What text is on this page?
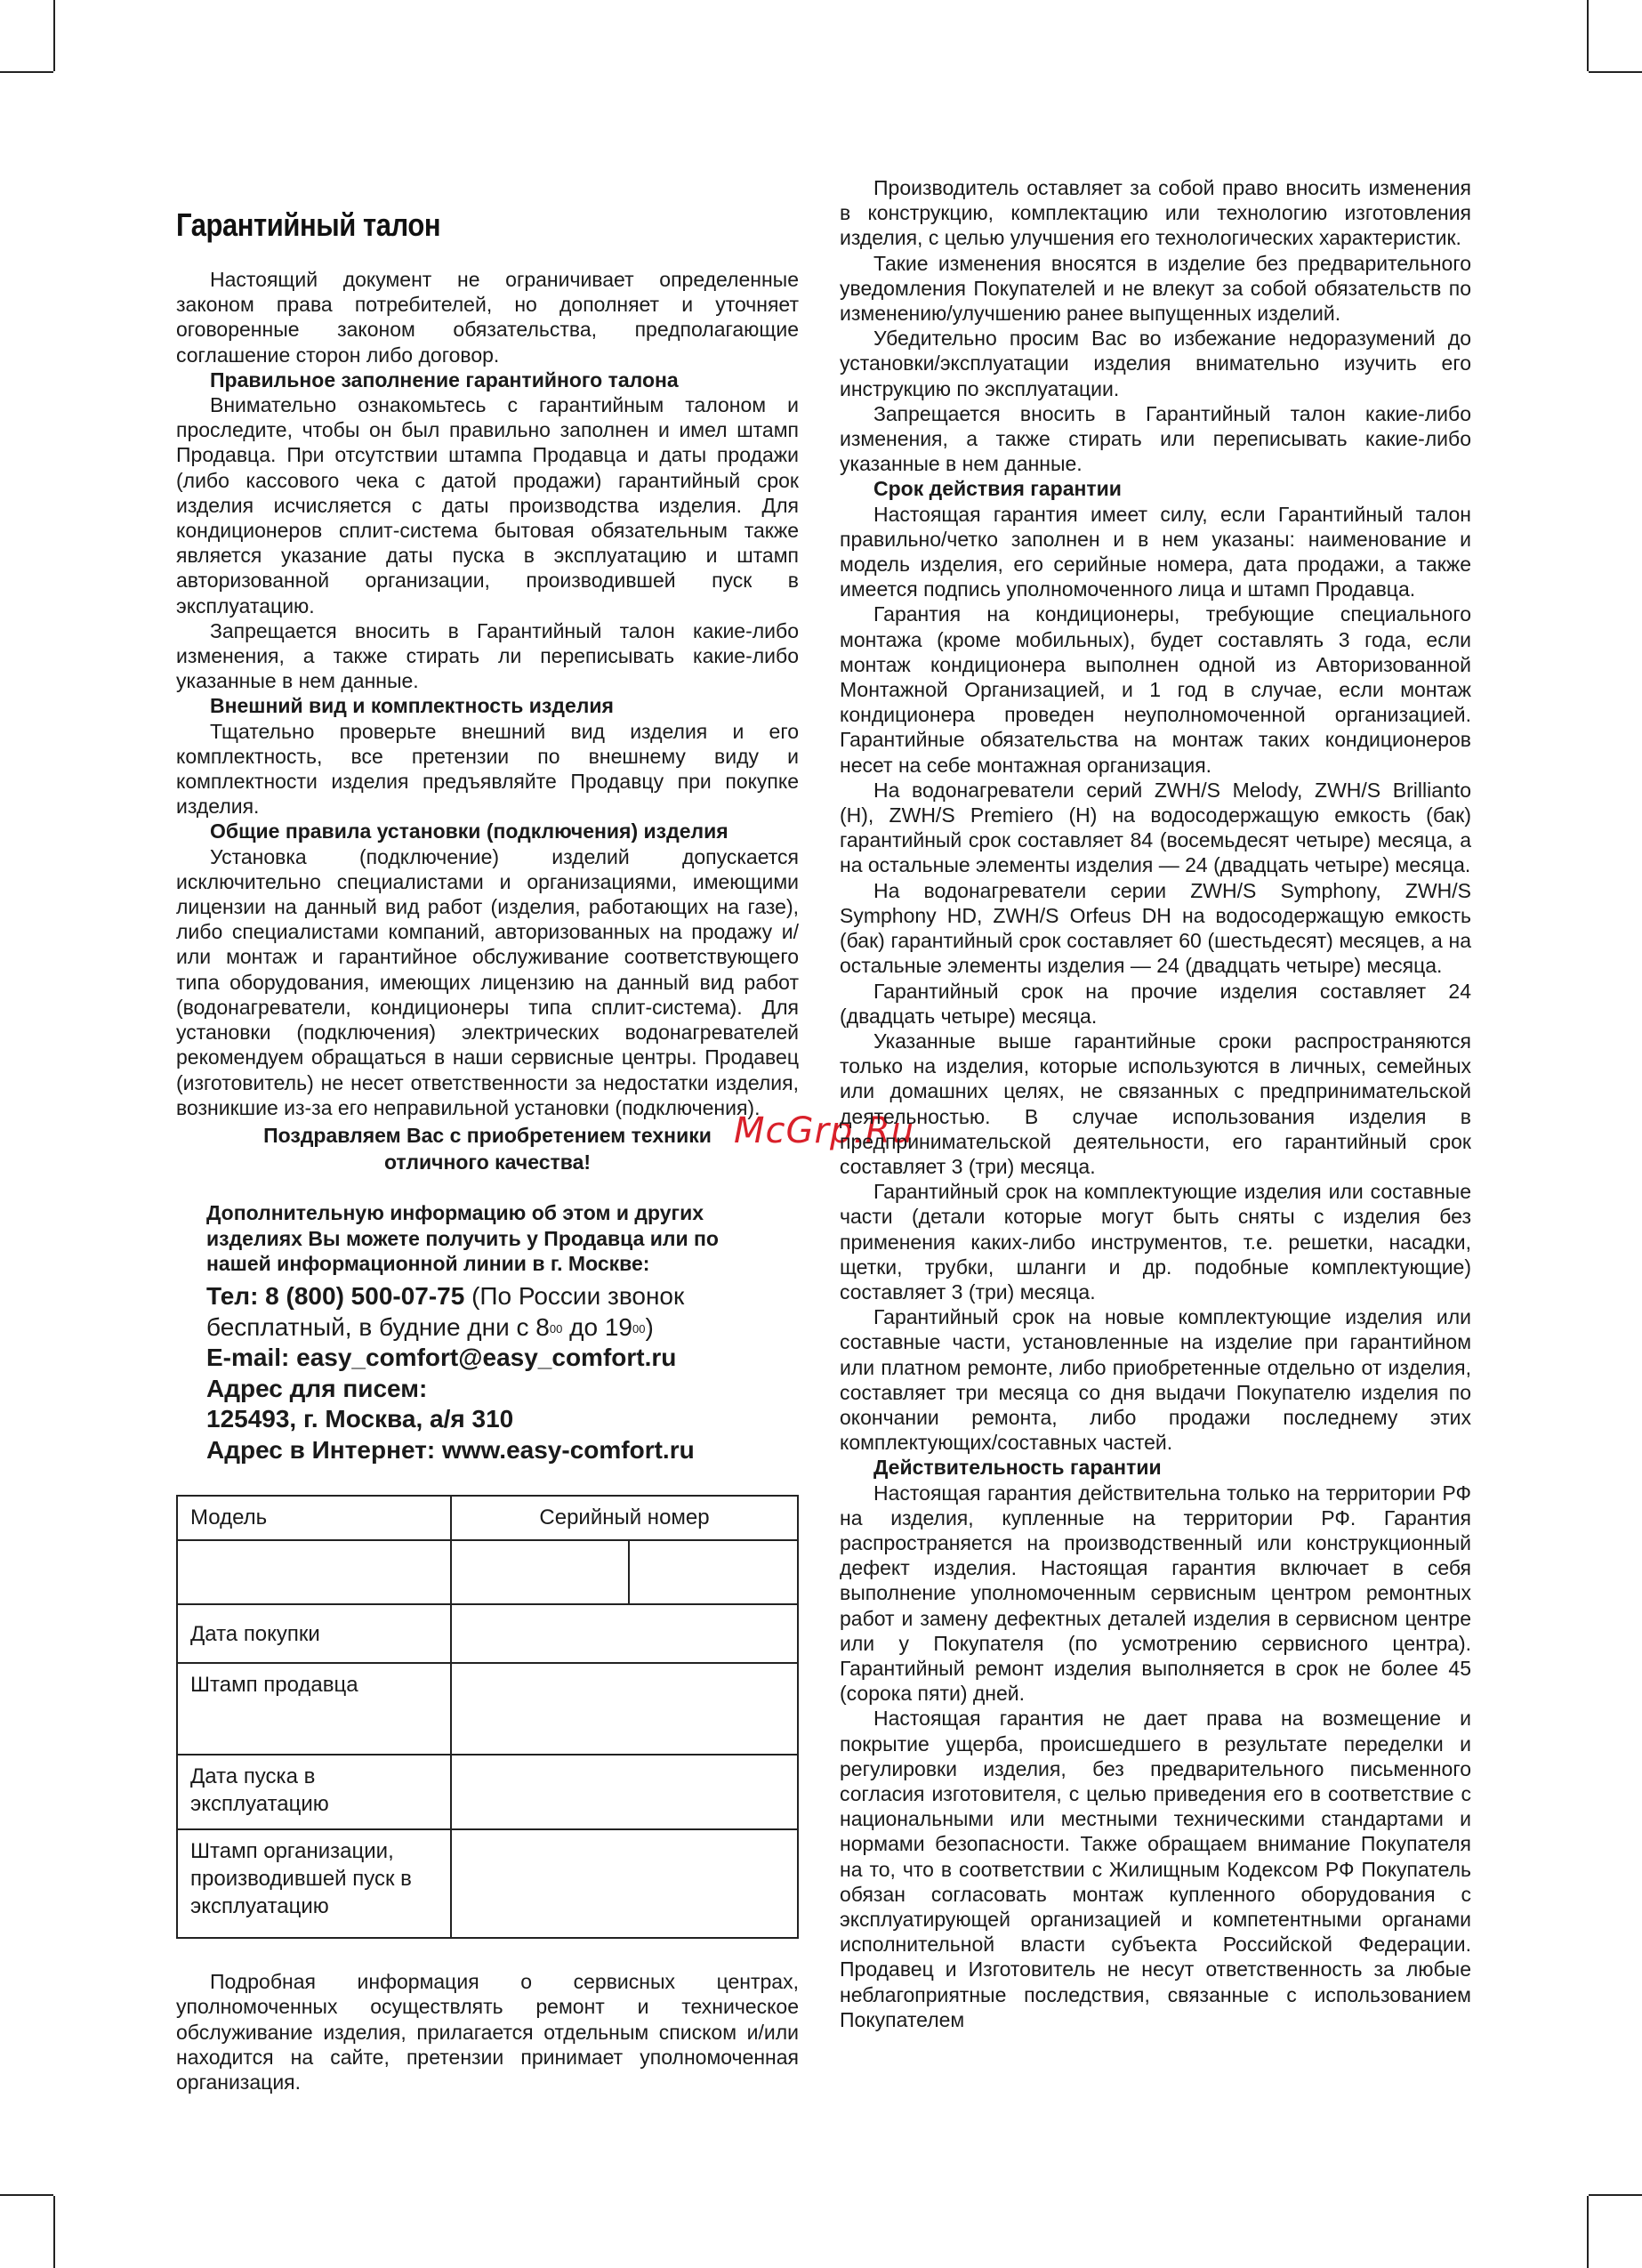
Гарантийный талон

Настоящий документ не ограничивает определенные законом права потребителей, но дополняет и уточняет оговоренные законом обязательства, предполагающие соглашение сторон либо договор.

Правильное заполнение гарантийного талона

Внимательно ознакомьтесь с гарантийным талоном и проследите, чтобы он был правильно заполнен и имел штамп Продавца. При отсутствии штампа Продавца и даты продажи (либо кассового чека с датой продажи) гарантийный срок изделия исчисляется с даты производства изделия. Для кондиционеров сплит-система бытовая обязательным также является указание даты пуска в эксплуатацию и штамп авторизованной организации, производившей пуск в эксплуатацию.

Запрещается вносить в Гарантийный талон какие-либо изменения, а также стирать ли переписывать какие-либо указанные в нем данные.

Внешний вид и комплектность изделия

Тщательно проверьте внешний вид изделия и его комплектность, все претензии по внешнему виду и комплектности изделия предъявляйте Продавцу при покупке изделия.

Общие правила установки (подключения) изделия

Установка (подключение) изделий допускается исключительно специалистами и организациями, имеющими лицензии на данный вид работ (изделия, работающих на газе), либо специалистами компаний, авторизованных на продажу и/или монтаж и гарантийное обслуживание соответствующего типа оборудования, имеющих лицензию на данный вид работ (водонагреватели, кондиционеры типа сплит-система). Для установки (подключения) электрических водонагревателей рекомендуем обращаться в наши сервисные центры. Продавец (изготовитель) не несет ответственности за недостатки изделия, возникшие из-за его неправильной установки (подключения).

Поздравляем Вас с приобретением техники
отличного качества!
McGrp.Ru
Дополнительную информацию об этом и других изделиях Вы можете получить у Продавца или по нашей информационной линии в г. Москве:
Тел: 8 (800) 500-07-75 (По России звонок
бесплатный, в будние дни с $8^{00}$ до $19^{00}$)
E-mail: easy_comfort@easy_comfort.ru
Адрес для писем:
125493, г. Москва, а/я 310
Адрес в Интернет: www.easy-comfort.ru
Модель	Серийный номер	

Дата покупки		
Штамп продавца		

Дата пуска в
эксплуатацию		

Штамп организации,
производившей пуск в
эксплуатацию		

Подробная информация о сервисных центрах, уполномоченных осуществлять ремонт и техническое обслуживание изделия, прилагается отдельным списком и/или находится на сайте, претензии принимает уполномоченная организация.

Производитель оставляет за собой право вносить изменения в конструкцию, комплектацию или технологию изготовления изделия, с целью улучшения его технологических характеристик.

Такие изменения вносятся в изделие без предварительного уведомления Покупателей и не влекут за собой обязательств по изменению/улучшению ранее выпущенных изделий.

Убедительно просим Вас во избежание недоразумений до установки/эксплуатации изделия внимательно изучить его инструкцию по эксплуатации.

Запрещается вносить в Гарантийный талон какие-либо изменения, а также стирать или переписывать какие-либо указанные в нем данные.

Срок действия гарантии

Настоящая гарантия имеет силу, если Гарантийный талон правильно/четко заполнен и в нем указаны: наименование и модель изделия, его серийные номера, дата продажи, а также имеется подпись уполномоченного лица и штамп Продавца.

Гарантия на кондиционеры, требующие специального монтажа (кроме мобильных), будет составлять 3 года, если монтаж кондиционера выполнен одной из Авторизованной Монтажной Организацией, и 1 год в случае, если монтаж кондиционера проведен неуполномоченной организацией. Гарантийные обязательства на монтаж таких кондиционеров несет на себе монтажная организация.

На водонагреватели серий ZWH/S Melody, ZWH/S Brillianto (H), ZWH/S Premiero (H) на водосодержащую емкость (бак) гарантийный срок составляет 84 (восемьдесят четыре) месяца, а на остальные элементы изделия — 24 (двадцать четыре) месяца.

На водонагреватели серии ZWH/S Symphony, ZWH/S Symphony HD, ZWH/S Orfeus DH на водосодержащую емкость (бак) гарантийный срок составляет 60 (шестьдесят) месяцев, а на остальные элементы изделия — 24 (двадцать четыре) месяца.

Гарантийный срок на прочие изделия составляет 24 (двадцать четыре) месяца.

Указанные выше гарантийные сроки распространяются только на изделия, которые используются в личных, семейных или домашних целях, не связанных с предпринимательской деятельностью. В случае использования изделия в предпринимательской деятельности, его гарантийный срок составляет 3 (три) месяца.

Гарантийный срок на комплектующие изделия или составные части (детали которые могут быть сняты с изделия без применения каких-либо инструментов, т.е. решетки, насадки, щетки, трубки, шланги и др. подобные комплектующие) составляет 3 (три) месяца.

Гарантийный срок на новые комплектующие изделия или составные части, установленные на изделие при гарантийном или платном ремонте, либо приобретенные отдельно от изделия, составляет три месяца со дня выдачи Покупателю изделия по окончании ремонта, либо продажи последнему этих комплектующих/составных частей.

Действительность гарантии

Настоящая гарантия действительна только на территории РФ на изделия, купленные на территории РФ. Гарантия распространяется на производственный или конструкционный дефект изделия. Настоящая гарантия включает в себя выполнение уполномоченным сервисным центром ремонтных работ и замену дефектных деталей изделия в сервисном центре или у Покупателя (по усмотрению сервисного центра). Гарантийный ремонт изделия выполняется в срок не более 45 (сорока пяти) дней.

Настоящая гарантия не дает права на возмещение и покрытие ущерба, происшедшего в результате переделки и регулировки изделия, без предварительного письменного согласия изготовителя, с целью приведения его в соответствие с национальными или местными техническими стандартами и нормами безопасности. Также обращаем внимание Покупателя на то, что в соответствии с Жилищным Кодексом РФ Покупатель обязан согласовать монтаж купленного оборудования с эксплуатирующей организацией и компетентными органами исполнительной власти субъекта Российской Федерации. Продавец и Изготовитель не несут ответственность за любые неблагоприятные последствия, связанные с использованием Покупателем
